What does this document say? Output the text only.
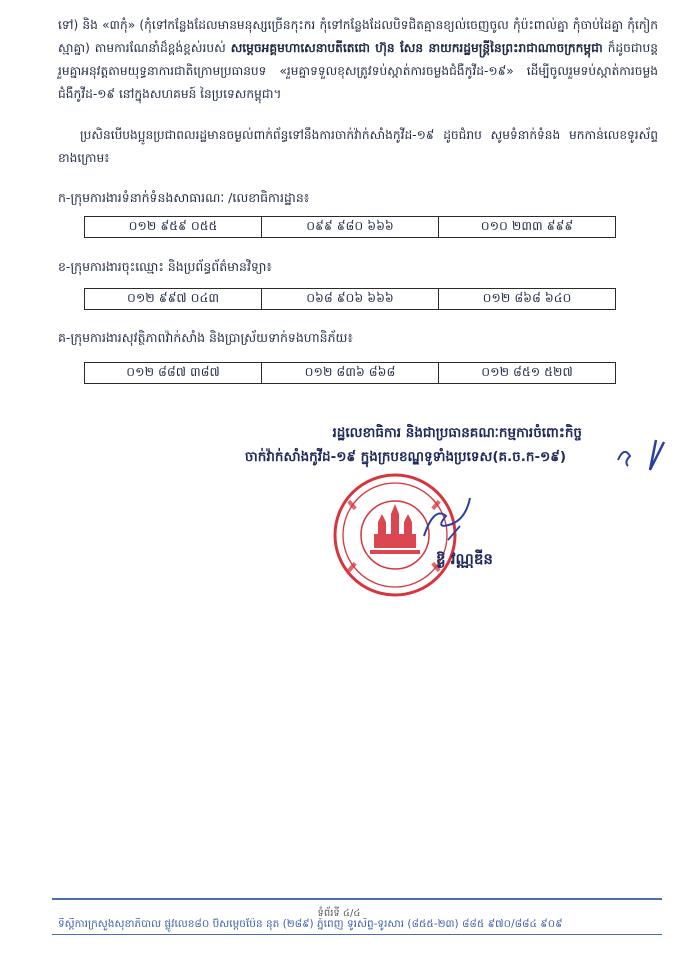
ទៅ) និង «៣កុំ» (កុំទៅកន្លែងដែលមានមនុស្សច្រើនកុះករ កុំទៅកន្លែងដែលបិទជិតគ្មានខ្យល់ចេញចូល កុំប៉ះពាល់គ្នា កុំចាប់ដៃគ្នា កុំកៀកស្មាគ្នា) តាមការណែនាំដ៏ខ្ពង់ខ្ពស់របស់ សម្តេចអគ្គមហាសេនាបតីតេជោ ហ៊ុន សែន នាយករដ្ឋមន្ត្រីនៃព្រះរាជាណាចក្រកម្ពុជា ក៏ដូចជាបន្តរួមគ្នាអនុវត្តតាមយុទ្ធនាការជាតិក្រោមប្រធានបទ «រួមគ្នាទទួលខុសត្រូវទប់ស្កាត់ការចម្លងជំងឺកូវីដ-១៩» ដើម្បីចូលរួមទប់ស្កាត់ការចម្លងជំងឺកូវីដ-១៩ នៅក្នុងសហគមន៍ នៃប្រទេសកម្ពុជា។
ប្រសិនបើបងប្អូនប្រជាពលរដ្ឋមានចម្ងល់ពាក់ព័ន្ធទៅនឹងការចាក់វ៉ាក់សាំងកូវីដ-១៩ ដូចជំរាប សូមទំនាក់ទំនង មកកាន់លេខទូរស័ព្ទខាងក្រោម៖
ក-ក្រុមការងារទំនាក់ទំនងសាធារណៈ /លេខាធិការដ្ឋាន៖
០១២ ៩៥៩ ០៥៥	០៩៩ ៩៨០ ៦៦៦	០១០ ២៣៣ ៩៩៩
ខ-ក្រុមការងារចុះឈ្មោះ និងប្រព័ន្ធព័ត៌មានវិទ្យា៖
០១២ ៩៩៧ ០៤៣	០៦៨ ៩០៦ ៦៦៦	០១២ ៨៦៨ ៦៤០
គ-ក្រុមការងារសុវត្ថិភាពវ៉ាក់សាំង និងប្រាស្រ័យទាក់ទងហានិភ័យ៖
០១២ ៨៨៧ ៣៨៧	០១២ ៨៣៦ ៨៦៨	០១២ ៨៥១ ៥២៧
រដ្ឋលេខាធិការ និងជាប្រធានគណៈកម្មការចំពោះកិច្ច
ចាក់វ៉ាក់សាំងកូវីដ-១៩ ក្នុងក្របខណ្ឌទូទាំងប្រទេស(គ.ច.ក-១៩)
ឱ្ង វណ្ណឌីន
ទំព័រទី ៤/៤
ទីស្តីការក្រសួងសុខាភិបាល ផ្លូវលេខ៨០ ប៊ីសម្តេចប៉ែន នុត (២៨៩) ភ្នំពេញ ទូរស័ព្ទ-ទូរសារ (៨៥៥-២៣) ៨៨៥ ៩៧០/៨៨៤ ៩០៩
